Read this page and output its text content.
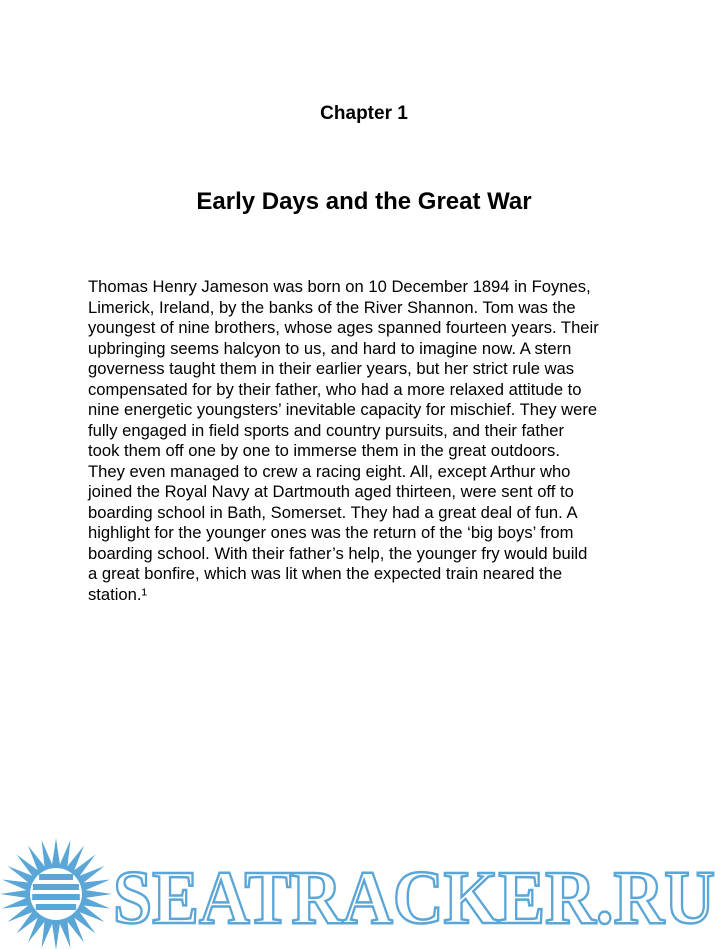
Chapter 1
Early Days and the Great War

Thomas Henry Jameson was born on 10 December 1894 in Foynes,
Limerick, Ireland, by the banks of the River Shannon. Tom was the
youngest of nine brothers, whose ages spanned fourteen years. Their
upbringing seems halcyon to us, and hard to imagine now. A stern
governess taught them in their earlier years, but her strict rule was
compensated for by their father, who had a more relaxed attitude to
nine energetic youngsters’ inevitable capacity for mischief. They were
fully engaged in field sports and country pursuits, and their father
took them off one by one to immerse them in the great outdoors.
They even managed to crew a racing eight. All, except Arthur who
joined the Royal Navy at Dartmouth aged thirteen, were sent off to
boarding school in Bath, Somerset. They had a great deal of fun. A
highlight for the younger ones was the return of the ‘big boys’ from
boarding school. With their father’s help, the younger fry would build
a great bonfire, which was lit when the expected train neared the
station.¹

SEATRACKER.RU
